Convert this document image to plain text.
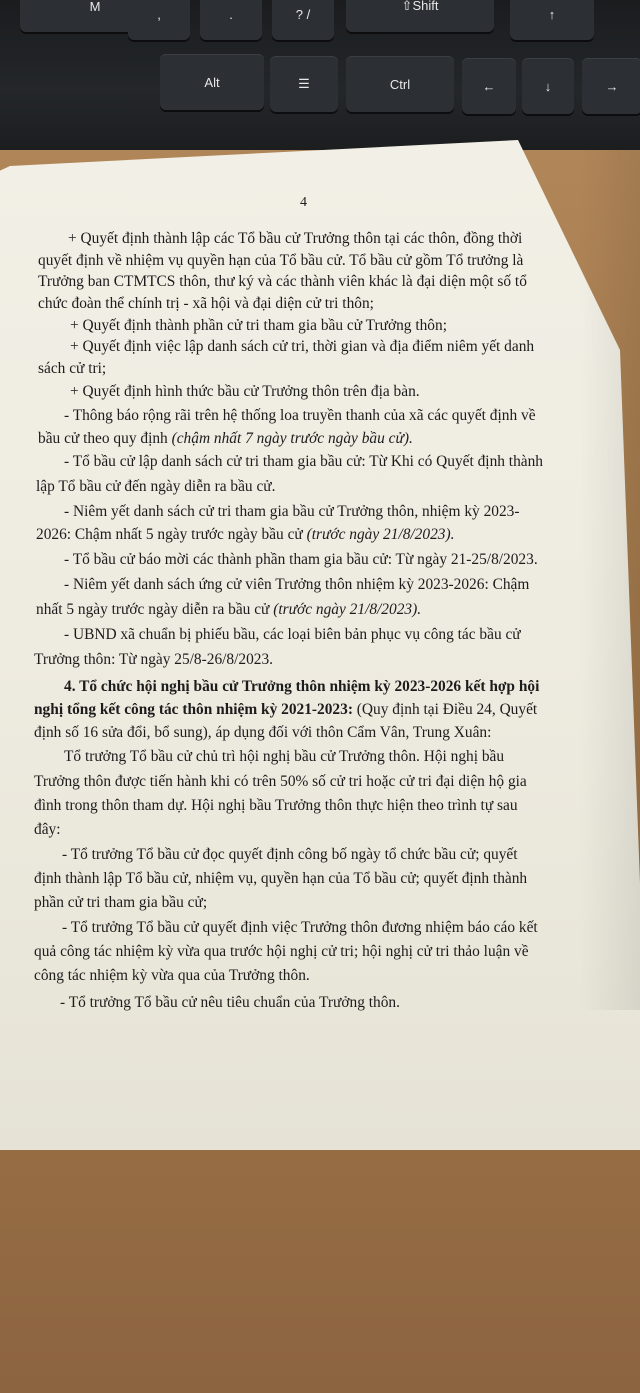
M
,	.	? /
⇧Shift
↑
Alt	☰	Ctrl	←	↓	→
4
+ Quyết định thành lập các Tổ bầu cử Trưởng thôn tại các thôn, đồng thời
quyết định về nhiệm vụ quyền hạn của Tổ bầu cử. Tổ bầu cử gồm Tổ trưởng là
Trưởng ban CTMTCS thôn, thư ký và các thành viên khác là đại diện một số tổ
chức đoàn thể chính trị - xã hội và đại diện cử tri thôn;
+ Quyết định thành phần cử tri tham gia bầu cử Trưởng thôn;
+ Quyết định việc lập danh sách cử tri, thời gian và địa điểm niêm yết danh
sách cử tri;
+ Quyết định hình thức bầu cử Trưởng thôn trên địa bàn.
- Thông báo rộng rãi trên hệ thống loa truyền thanh của xã các quyết định về
bầu cử theo quy định (chậm nhất 7 ngày trước ngày bầu cử).
- Tổ bầu cử lập danh sách cử tri tham gia bầu cử: Từ Khi có Quyết định thành
lập Tổ bầu cử đến ngày diễn ra bầu cử.
- Niêm yết danh sách cử tri tham gia bầu cử Trưởng thôn, nhiệm kỳ 2023-
2026: Chậm nhất 5 ngày trước ngày bầu cử (trước ngày 21/8/2023).
- Tổ bầu cử báo mời các thành phần tham gia bầu cử: Từ ngày 21-25/8/2023.
- Niêm yết danh sách ứng cử viên Trưởng thôn nhiệm kỳ 2023-2026: Chậm
nhất 5 ngày trước ngày diễn ra bầu cử (trước ngày 21/8/2023).
- UBND xã chuẩn bị phiếu bầu, các loại biên bản phục vụ công tác bầu cử
Trưởng thôn: Từ ngày 25/8-26/8/2023.
4. Tổ chức hội nghị bầu cử Trưởng thôn nhiệm kỳ 2023-2026 kết hợp hội
nghị tổng kết công tác thôn nhiệm kỳ 2021-2023: (Quy định tại Điều 24, Quyết
định số 16 sửa đổi, bổ sung), áp dụng đối với thôn Cẩm Vân, Trung Xuân:
Tổ trưởng Tổ bầu cử chủ trì hội nghị bầu cử Trưởng thôn. Hội nghị bầu
Trưởng thôn được tiến hành khi có trên 50% số cử tri hoặc cử tri đại diện hộ gia
đình trong thôn tham dự. Hội nghị bầu Trưởng thôn thực hiện theo trình tự sau
đây:
- Tổ trưởng Tổ bầu cử đọc quyết định công bố ngày tổ chức bầu cử; quyết
định thành lập Tổ bầu cử, nhiệm vụ, quyền hạn của Tổ bầu cử; quyết định thành
phần cử tri tham gia bầu cử;
- Tổ trưởng Tổ bầu cử quyết định việc Trưởng thôn đương nhiệm báo cáo kết
quả công tác nhiệm kỳ vừa qua trước hội nghị cử tri; hội nghị cử tri thảo luận về
công tác nhiệm kỳ vừa qua của Trưởng thôn.
- Tổ trưởng Tổ bầu cử nêu tiêu chuẩn của Trưởng thôn.
